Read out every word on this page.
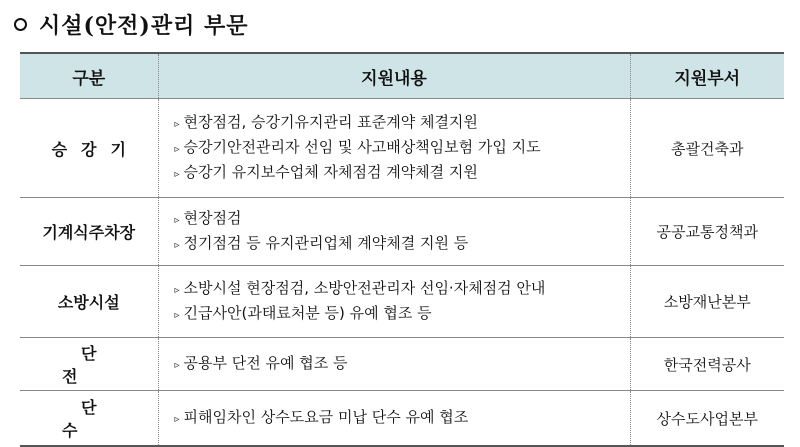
시설(안전)관리 부문
구분	지원내용	지원부서
승강기	▹ 현장점검, 승강기유지관리 표준계약 체결지원
▹ 승강기안전관리자 선임 및 사고배상책임보험 가입 지도
▹ 승강기 유지보수업체 자체점검 계약체결 지원	총괄건축과
기계식주차장	▹ 현장점검
▹ 정기점검 등 유지관리업체 계약체결 지원 등	공공교통정책과
소방시설	▹ 소방시설 현장점검, 소방안전관리자 선임·자체점검 안내
▹ 긴급사안(과태료처분 등) 유예 협조 등	소방재난본부
단전	▹ 공용부 단전 유예 협조 등	한국전력공사
단수	▹ 피해임차인 상수도요금 미납 단수 유예 협조	상수도사업본부
